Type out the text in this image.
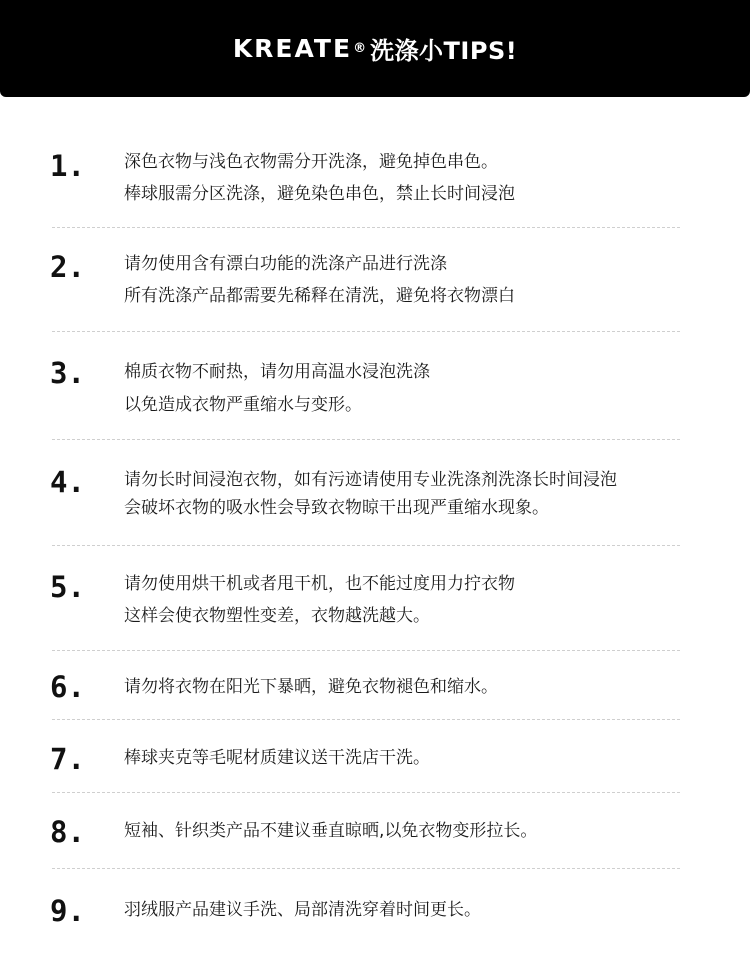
KREATE ® 洗涤小TIPS!
1. 深色衣物与浅色衣物需分开洗涤，避免掉色串色。
棒球服需分区洗涤，避免染色串色，禁止长时间浸泡
2. 请勿使用含有漂白功能的洗涤产品进行洗涤
所有洗涤产品都需要先稀释在清洗，避免将衣物漂白
3. 棉质衣物不耐热，请勿用高温水浸泡洗涤
以免造成衣物严重缩水与变形。
4. 请勿长时间浸泡衣物，如有污迹请使用专业洗涤剂洗涤长时间浸泡
会破坏衣物的吸水性会导致衣物晾干出现严重缩水现象。
5. 请勿使用烘干机或者甩干机，也不能过度用力拧衣物
这样会使衣物塑性变差，衣物越洗越大。
6. 请勿将衣物在阳光下暴晒，避免衣物褪色和缩水。
7. 棒球夹克等毛呢材质建议送干洗店干洗。
8. 短袖、针织类产品不建议垂直晾晒,以免衣物变形拉长。
9. 羽绒服产品建议手洗、局部清洗穿着时间更长。
